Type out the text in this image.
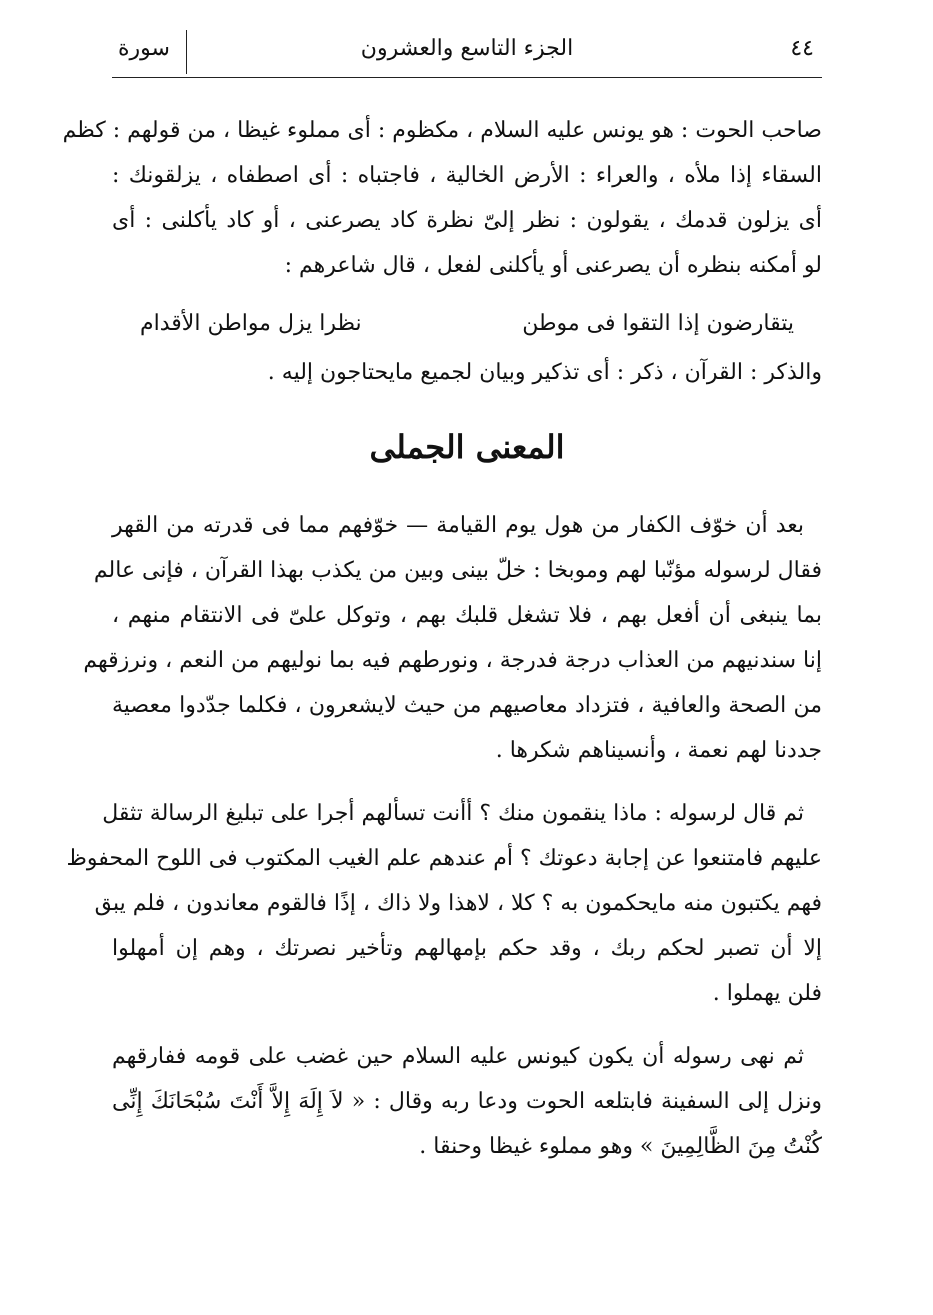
٤٤
الجزء التاسع والعشرون
سورة
صاحب الحوت : هو يونس عليه السلام ، مكظوم : أى مملوء غيظا ، من قولهم : كظم
السقاء إذا ملأه ، والعراء : الأرض الخالية ، فاجتباه : أى اصطفاه ، يزلقونك :
أى يزلون قدمك ، يقولون : نظر إلىّ نظرة كاد يصرعنى ، أو كاد يأكلنى : أى
لو أمكنه بنظره أن يصرعنى أو يأكلنى لفعل ، قال شاعرهم :
يتقارضون إذا التقوا فى موطن
نظرا يزل مواطن الأقدام
والذكر : القرآن ، ذكر : أى تذكير وبيان لجميع مايحتاجون إليه .
المعنى الجملى
بعد أن خوّف الكفار من هول يوم القيامة — خوّفهم مما فى قدرته من القهر
فقال لرسوله مؤنّبا لهم وموبخا : خلّ بينى وبين من يكذب بهذا القرآن ، فإنى عالم
بما ينبغى أن أفعل بهم ، فلا تشغل قلبك بهم ، وتوكل علىّ فى الانتقام منهم ،
إنا سندنيهم من العذاب درجة فدرجة ، ونورطهم فيه بما نوليهم من النعم ، ونرزقهم
من الصحة والعافية ، فتزداد معاصيهم من حيث لايشعرون ، فكلما جدّدوا معصية
جددنا لهم نعمة ، وأنسيناهم شكرها .
ثم قال لرسوله : ماذا ينقمون منك ؟ أأنت تسألهم أجرا على تبليغ الرسالة تثقل
عليهم فامتنعوا عن إجابة دعوتك ؟ أم عندهم علم الغيب المكتوب فى اللوح المحفوظ
فهم يكتبون منه مايحكمون به ؟ كلا ، لاهذا ولا ذاك ، إذًا فالقوم معاندون ، فلم يبق
إلا أن تصبر لحكم ربك ، وقد حكم بإمهالهم وتأخير نصرتك ، وهم إن أمهلوا
فلن يهملوا .
ثم نهى رسوله أن يكون كيونس عليه السلام حين غضب على قومه ففارقهم
ونزل إلى السفينة فابتلعه الحوت ودعا ربه وقال : « لاَ إِلَهَ إِلاَّ أَنْتَ سُبْحَانَكَ إِنِّى
كُنْتُ مِنَ الظَّالِمِينَ » وهو مملوء غيظا وحنقا .
